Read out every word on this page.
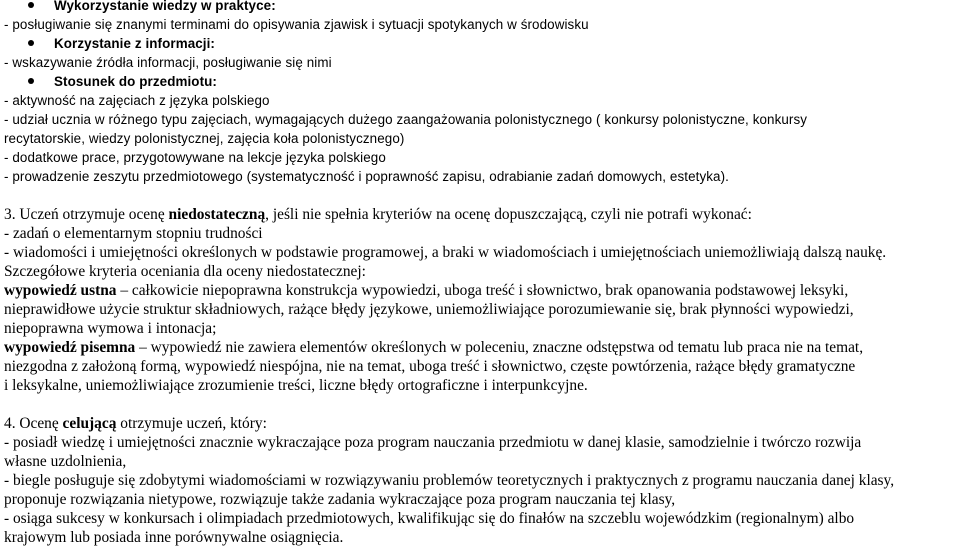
Wykorzystanie wiedzy w praktyce:
- posługiwanie się znanymi terminami do opisywania zjawisk i sytuacji spotykanych w środowisku
Korzystanie z informacji:
- wskazywanie źródła informacji, posługiwanie się nimi
Stosunek do przedmiotu:
- aktywność na zajęciach z języka polskiego
- udział ucznia w różnego typu zajęciach, wymagających dużego zaangażowania polonistycznego ( konkursy polonistyczne, konkursy
recytatorskie, wiedzy polonistycznej, zajęcia koła polonistycznego)
- dodatkowe prace, przygotowywane na lekcje języka polskiego
- prowadzenie zeszytu przedmiotowego (systematyczność i poprawność zapisu, odrabianie zadań domowych, estetyka).
3. Uczeń otrzymuje ocenę niedostateczną, jeśli nie spełnia kryteriów na ocenę dopuszczającą, czyli nie potrafi wykonać:
- zadań o elementarnym stopniu trudności
- wiadomości i umiejętności określonych w podstawie programowej, a braki w wiadomościach i umiejętnościach uniemożliwiają dalszą naukę.
Szczegółowe kryteria oceniania dla oceny niedostatecznej:
wypowiedź ustna – całkowicie niepoprawna konstrukcja wypowiedzi, uboga treść i słownictwo, brak opanowania podstawowej leksyki,
nieprawidłowe użycie struktur składniowych, rażące błędy językowe, uniemożliwiające porozumiewanie się, brak płynności wypowiedzi,
niepoprawna wymowa i intonacja;
wypowiedź pisemna – wypowiedź nie zawiera elementów określonych w poleceniu, znaczne odstępstwa od tematu lub praca nie na temat,
niezgodna z założoną formą, wypowiedź niespójna, nie na temat, uboga treść i słownictwo, częste powtórzenia, rażące błędy gramatyczne
i leksykalne, uniemożliwiające zrozumienie treści, liczne błędy ortograficzne i interpunkcyjne.
4. Ocenę celującą otrzymuje uczeń, który:
- posiadł wiedzę i umiejętności znacznie wykraczające poza program nauczania przedmiotu w danej klasie, samodzielnie i twórczo rozwija
własne uzdolnienia,
- biegle posługuje się zdobytymi wiadomościami w rozwiązywaniu problemów teoretycznych i praktycznych z programu nauczania danej klasy,
proponuje rozwiązania nietypowe, rozwiązuje także zadania wykraczające poza program nauczania tej klasy,
- osiąga sukcesy w konkursach i olimpiadach przedmiotowych, kwalifikując się do finałów na szczeblu wojewódzkim (regionalnym) albo
krajowym lub posiada inne porównywalne osiągnięcia.
